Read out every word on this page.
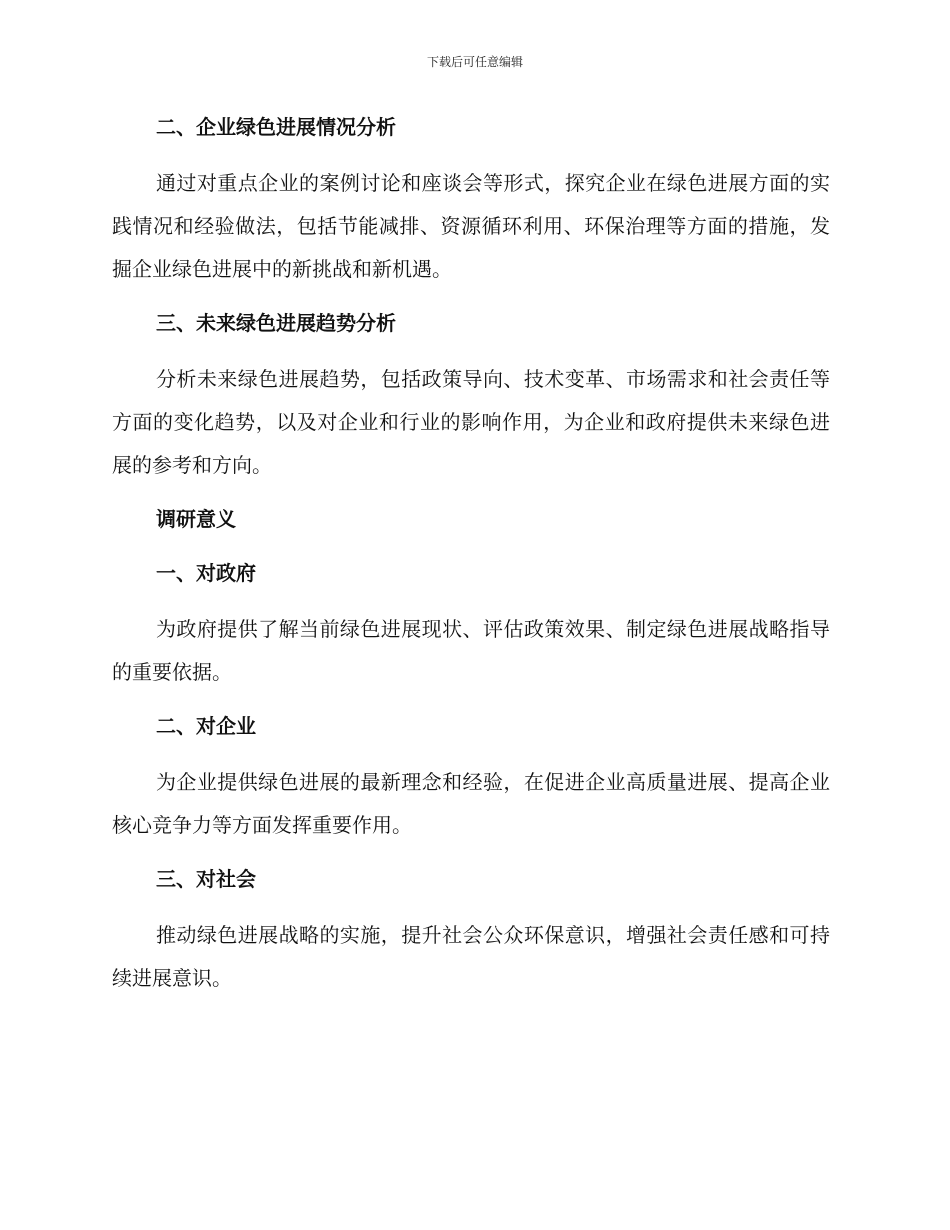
下载后可任意编辑
二、企业绿色进展情况分析

通过对重点企业的案例讨论和座谈会等形式，探究企业在绿色进展方面的实践情况和经验做法，包括节能减排、资源循环利用、环保治理等方面的措施，发掘企业绿色进展中的新挑战和新机遇。

三、未来绿色进展趋势分析

分析未来绿色进展趋势，包括政策导向、技术变革、市场需求和社会责任等方面的变化趋势，以及对企业和行业的影响作用，为企业和政府提供未来绿色进展的参考和方向。

调研意义
一、对政府

为政府提供了解当前绿色进展现状、评估政策效果、制定绿色进展战略指导的重要依据。

二、对企业

为企业提供绿色进展的最新理念和经验，在促进企业高质量进展、提高企业核心竞争力等方面发挥重要作用。

三、对社会

推动绿色进展战略的实施，提升社会公众环保意识，增强社会责任感和可持续进展意识。
